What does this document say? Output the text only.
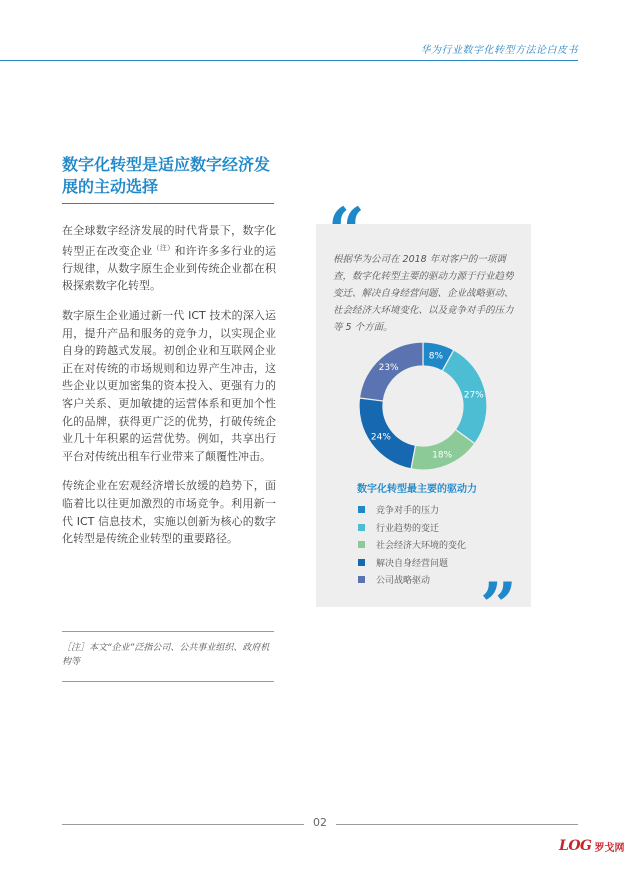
华为行业数字化转型方法论白皮书
数字化转型是适应数字经济发展的主动选择

在全球数字经济发展的时代背景下，数字化转型正在改变企业$^{(注)}$和许许多多行业的运行规律，从数字原生企业到传统企业都在积极探索数字化转型。

数字原生企业通过新一代 ICT 技术的深入运用，提升产品和服务的竞争力，以实现企业自身的跨越式发展。初创企业和互联网企业正在对传统的市场规则和边界产生冲击，这些企业以更加密集的资本投入、更强有力的客户关系、更加敏捷的运营体系和更加个性化的品牌，获得更广泛的优势，打破传统企业几十年积累的运营优势。例如，共享出行平台对传统出租车行业带来了颠覆性冲击。

传统企业在宏观经济增长放缓的趋势下，面临着比以往更加激烈的市场竞争。利用新一代 ICT 信息技术，实施以创新为核心的数字化转型是传统企业转型的重要路径。

［注］本文“企业”泛指公司、公共事业组织、政府机构等
“
根据华为公司在 2018 年对客户的一项调查，数字化转型主要的驱动力源于行业趋势变迁、解决自身经营问题、企业战略驱动、社会经济大环境变化、以及竞争对手的压力等 5 个方面。
8%
27%
18%
24%
23%
数字化转型最主要的驱动力
竞争对手的压力
行业趋势的变迁
社会经济大环境的变化
解决自身经营问题
公司战略驱动 ”
02
LOG 罗戈网
